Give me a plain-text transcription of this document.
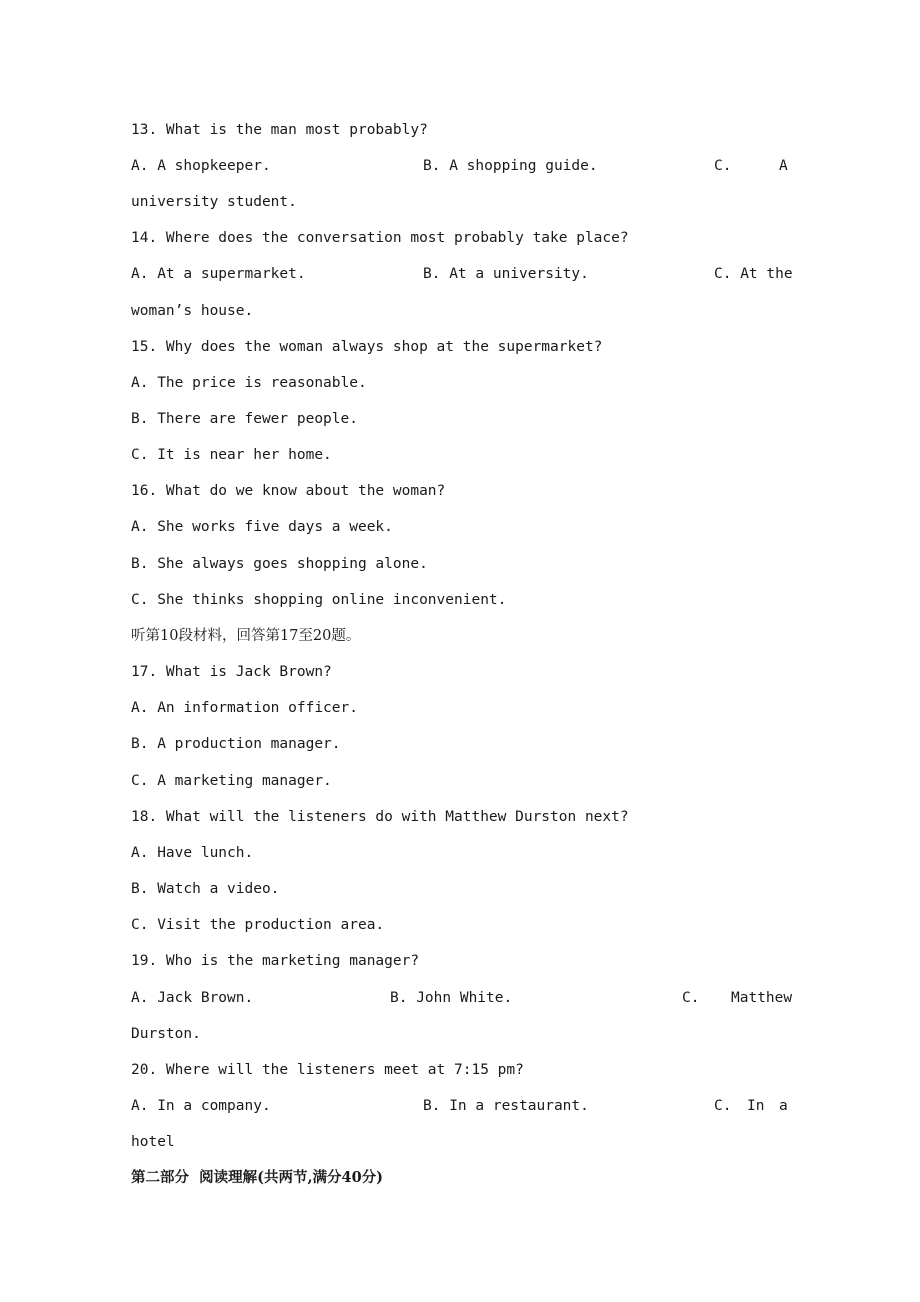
13. What is the man most probably?
A. A shopkeeper.	B. A shopping guide.	C.	A
university student.
14. Where does the conversation most probably take place?
A. At a supermarket.	B. At a university.	C. At the
woman’s house.
15. Why does the woman always shop at the supermarket?
A. The price is reasonable.
B. There are fewer people.
C. It is near her home.
16. What do we know about the woman?
A. She works five days a week.
B. She always goes shopping alone.
C. She thinks shopping online inconvenient.
听第10段材料，回答第17至20题。
17. What is Jack Brown?
A. An information officer.
B. A production manager.
C. A marketing manager.
18. What will the listeners do with Matthew Durston next?
A. Have lunch.
B. Watch a video.
C. Visit the production area.
19. Who is the marketing manager?
A. Jack Brown.	B. John White.	C. Matthew
Durston.
20. Where will the listeners meet at 7:15 pm?
A. In a company.	B. In a restaurant.	C. In a
hotel
第二部分  阅读理解(共两节,满分40分)
